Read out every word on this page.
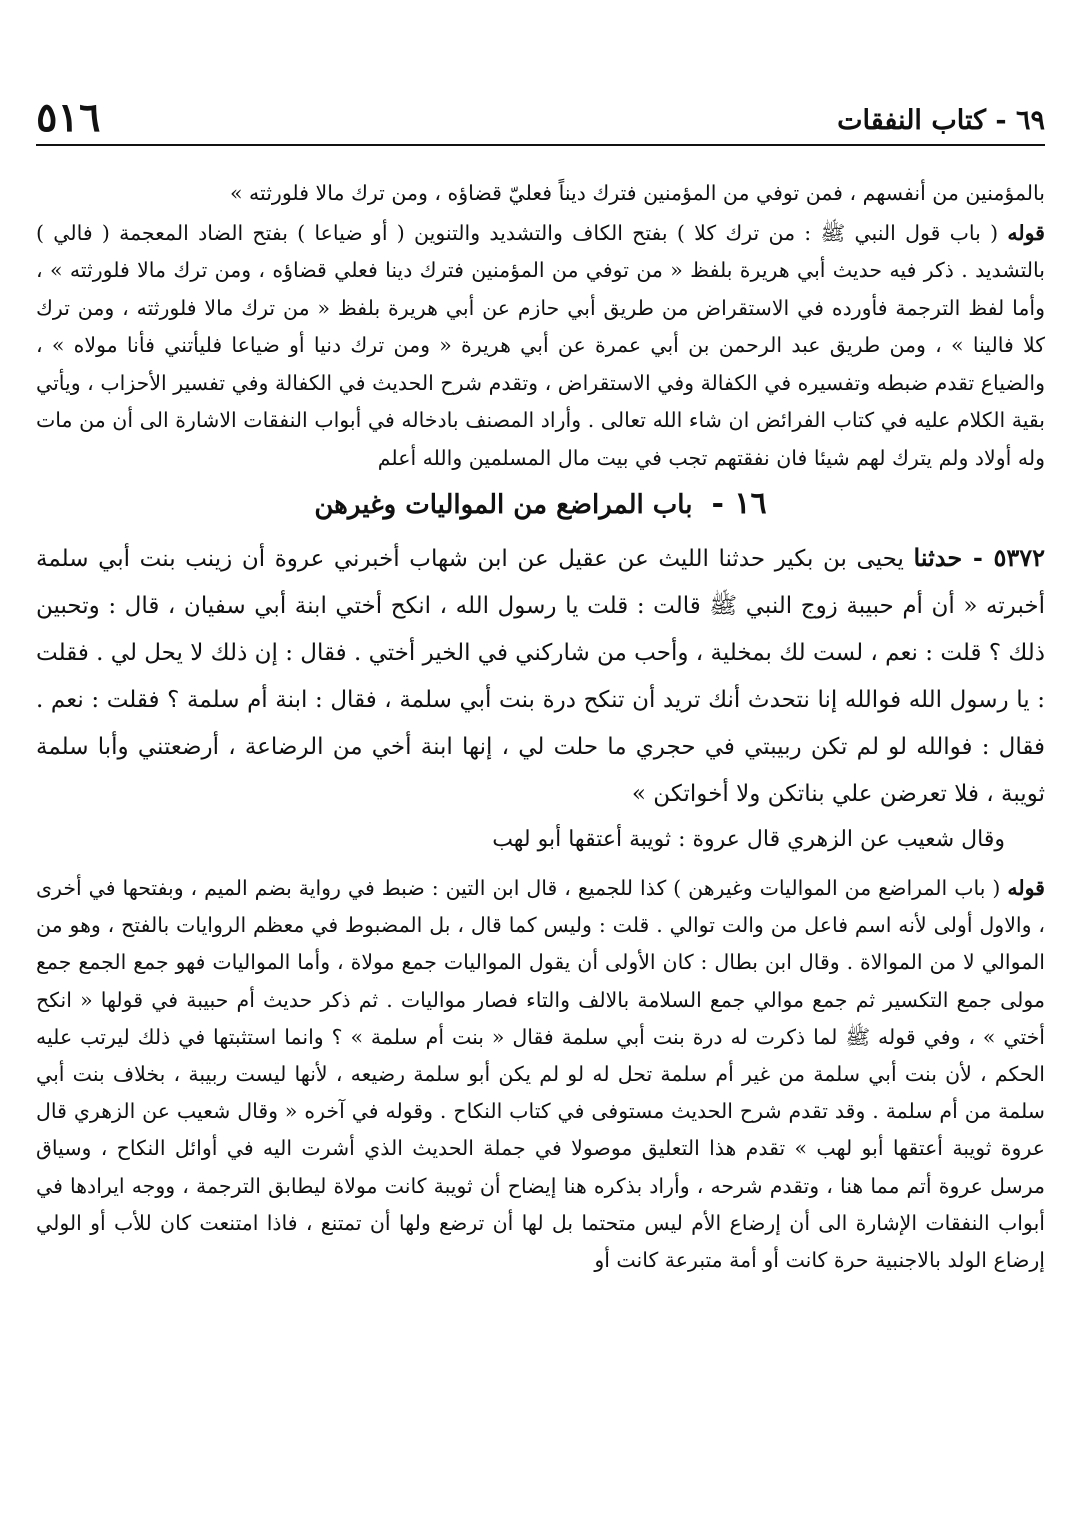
٥١٦	٦٩ - كتاب النفقات

بالمؤمنين من أنفسهم ، فمن توفي من المؤمنين فترك ديناً فعليّ قضاؤه ، ومن ترك مالا فلورثته »

قوله ( باب قول النبي ﷺ : من ترك كلا ) بفتح الكاف والتشديد والتنوين ( أو ضياعا ) بفتح الضاد المعجمة ( فالي ) بالتشديد . ذكر فيه حديث أبي هريرة بلفظ « من توفي من المؤمنين فترك دينا فعلي قضاؤه ، ومن ترك مالا فلورثته » ، وأما لفظ الترجمة فأورده في الاستقراض من طريق أبي حازم عن أبي هريرة بلفظ « من ترك مالا فلورثته ، ومن ترك كلا فالينا » ، ومن طريق عبد الرحمن بن أبي عمرة عن أبي هريرة « ومن ترك دنيا أو ضياعا فليأتني فأنا مولاه » ، والضياع تقدم ضبطه وتفسيره في الكفالة وفي الاستقراض ، وتقدم شرح الحديث في الكفالة وفي تفسير الأحزاب ، ويأتي بقية الكلام عليه في كتاب الفرائض ان شاء الله تعالى . وأراد المصنف بادخاله في أبواب النفقات الاشارة الى أن من مات وله أولاد ولم يترك لهم شيئا فان نفقتهم تجب في بيت مال المسلمين والله أعلم

١٦ - باب المراضع من المواليات وغيرهن

٥٣٧٢ - حدثنا يحيى بن بكير حدثنا الليث عن عقيل عن ابن شهاب أخبرني عروة أن زينب بنت أبي سلمة أخبرته « أن أم حبيبة زوج النبي ﷺ قالت : قلت يا رسول الله ، انكح أختي ابنة أبي سفيان ، قال : وتحبين ذلك ؟ قلت : نعم ، لست لك بمخلية ، وأحب من شاركني في الخير أختي . فقال : إن ذلك لا يحل لي . فقلت : يا رسول الله فوالله إنا نتحدث أنك تريد أن تنكح درة بنت أبي سلمة ، فقال : ابنة أم سلمة ؟ فقلت : نعم . فقال : فوالله لو لم تكن ربيبتي في حجري ما حلت لي ، إنها ابنة أخي من الرضاعة ، أرضعتني وأبا سلمة ثويبة ، فلا تعرضن علي بناتكن ولا أخواتكن »

وقال شعيب عن الزهري قال عروة : ثويبة أعتقها أبو لهب

قوله ( باب المراضع من المواليات وغيرهن ) كذا للجميع ، قال ابن التين : ضبط في رواية بضم الميم ، وبفتحها في أخرى ، والاول أولى لأنه اسم فاعل من والت توالي . قلت : وليس كما قال ، بل المضبوط في معظم الروايات بالفتح ، وهو من الموالي لا من الموالاة . وقال ابن بطال : كان الأولى أن يقول المواليات جمع مولاة ، وأما المواليات فهو جمع الجمع جمع مولى جمع التكسير ثم جمع موالي جمع السلامة بالالف والتاء فصار مواليات . ثم ذكر حديث أم حبيبة في قولها « انكح أختي » ، وفي قوله ﷺ لما ذكرت له درة بنت أبي سلمة فقال « بنت أم سلمة » ؟ وانما استثبتها في ذلك ليرتب عليه الحكم ، لأن بنت أبي سلمة من غير أم سلمة تحل له لو لم يكن أبو سلمة رضيعه ، لأنها ليست ربيبة ، بخلاف بنت أبي سلمة من أم سلمة . وقد تقدم شرح الحديث مستوفى في كتاب النكاح . وقوله في آخره « وقال شعيب عن الزهري قال عروة ثويبة أعتقها أبو لهب » تقدم هذا التعليق موصولا في جملة الحديث الذي أشرت اليه في أوائل النكاح ، وسياق مرسل عروة أتم مما هنا ، وتقدم شرحه ، وأراد بذكره هنا إيضاح أن ثويبة كانت مولاة ليطابق الترجمة ، ووجه ايرادها في أبواب النفقات الإشارة الى أن إرضاع الأم ليس متحتما بل لها أن ترضع ولها أن تمتنع ، فاذا امتنعت كان للأب أو الولي إرضاع الولد بالاجنبية حرة كانت أو أمة متبرعة كانت أو
